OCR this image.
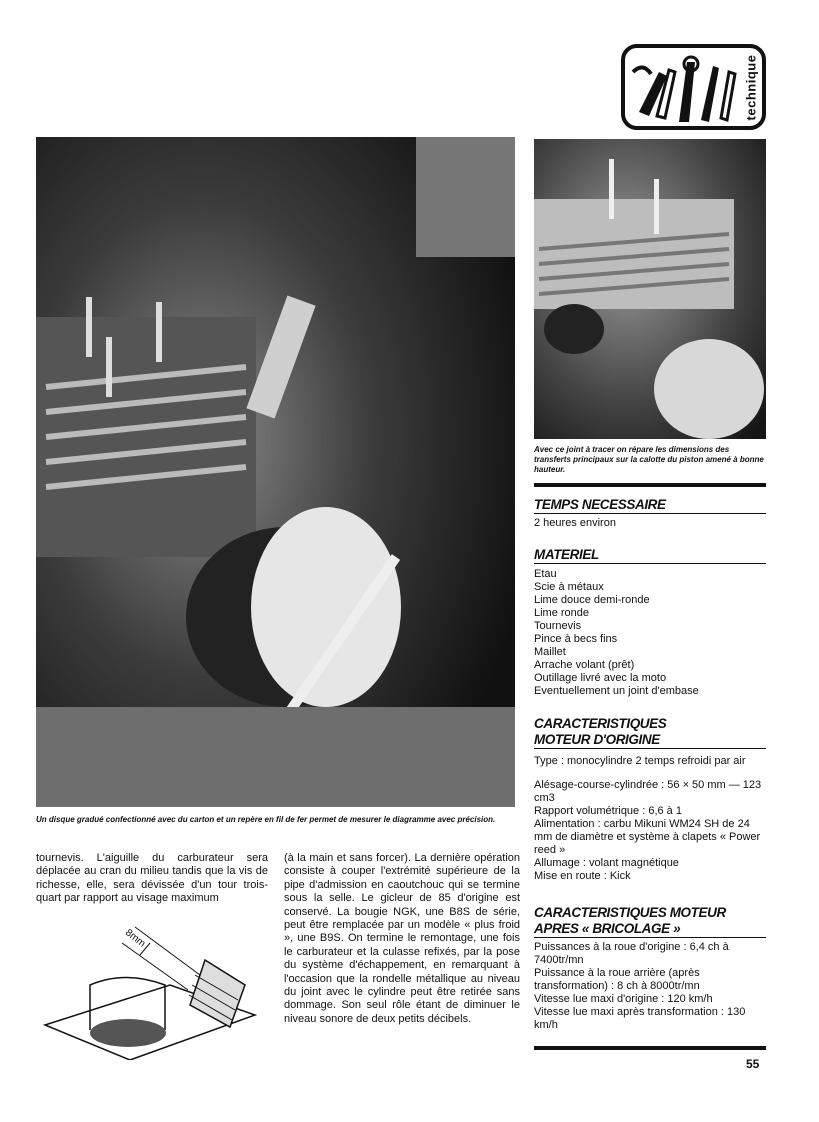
technique
Un disque gradué confectionné avec du carton et un repère en fil de fer permet de mesurer le diagramme avec précision.
Avec ce joint à tracer on répare les dimensions des transferts principaux sur la calotte du piston amené à bonne hauteur.
TEMPS NECESSAIRE
2 heures environ
MATERIEL
Etau
Scie à métaux
Lime douce demi-ronde
Lime ronde
Tournevis
Pince à becs fins
Maillet
Arrache volant (prêt)
Outillage livré avec la moto
Eventuellement un joint d'embase
CARACTERISTIQUES
MOTEUR D'ORIGINE
Type : monocylindre 2 temps refroidi par air
Alésage-course-cylindrée : 56 × 50 mm — 123 cm3
Rapport volumétrique : 6,6 à 1
Alimentation : carbu Mikuni WM24 SH de 24 mm de diamètre et système à clapets « Power reed »
Allumage : volant magnétique
Mise en route : Kick
CARACTERISTIQUES MOTEUR
APRES « BRICOLAGE »
Puissances à la roue d'origine : 6,4 ch à 7400tr/mn
Puissance à la roue arrière (après transformation) : 8 ch à 8000tr/mn
Vitesse lue maxi d'origine : 120 km/h
Vitesse lue maxi après transformation : 130 km/h
tournevis. L'aiguille du carburateur sera déplacée au cran du milieu tandis que la vis de richesse, elle, sera dévissée d'un tour trois-quart par rapport au visage maximum
(à la main et sans forcer). La dernière opération consiste à couper l'extrémité supérieure de la pipe d'admission en caoutchouc qui se termine sous la selle. Le gicleur de 85 d'origine est conservé. La bougie NGK, une B8S de série, peut être remplacée par un modèle « plus froid », une B9S. On termine le remontage, une fois le carburateur et la culasse refixés, par la pose du système d'échappement, en remarquant à l'occasion que la rondelle métallique au niveau du joint avec le cylindre peut être retirée sans dommage. Son seul rôle étant de diminuer le niveau sonore de deux petits décibels.
8mm
55
